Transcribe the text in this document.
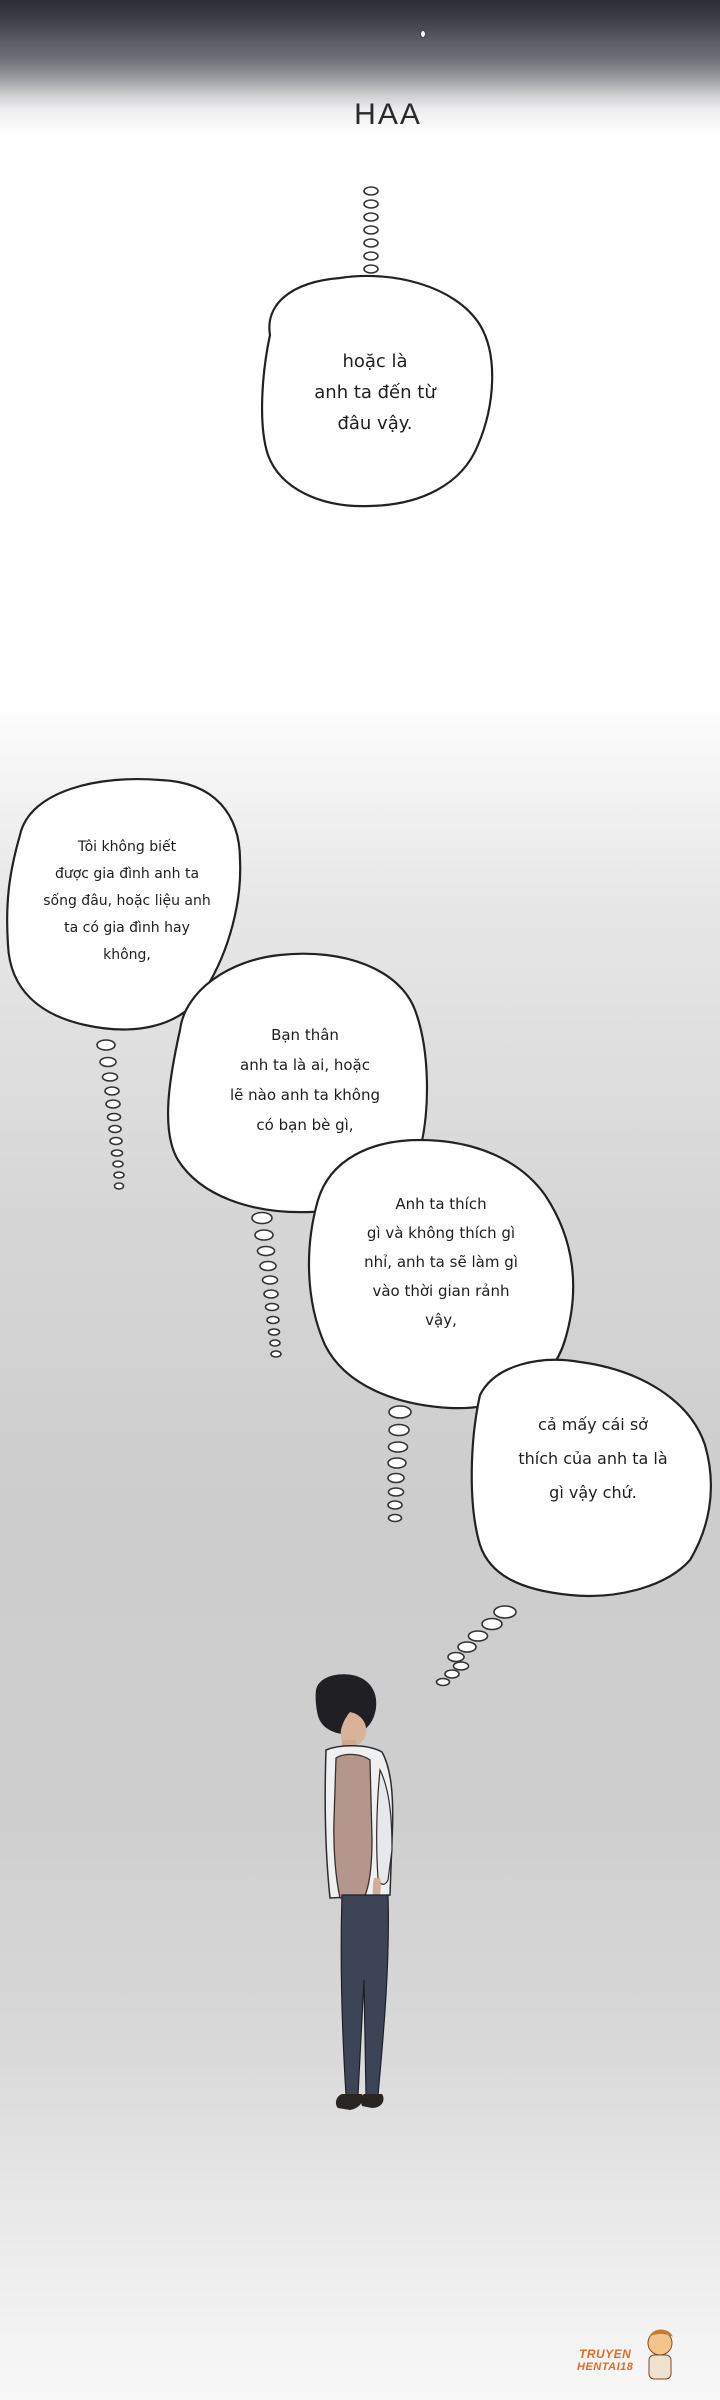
HAA
hoặc là
anh ta đến từ
đâu vậy.
Tôi không biết
được gia đình anh ta
sống đâu, hoặc liệu anh
ta có gia đình hay
không,
Bạn thân
anh ta là ai, hoặc
lẽ nào anh ta không
có bạn bè gì,
Anh ta thích
gì và không thích gì
nhỉ, anh ta sẽ làm gì
vào thời gian rảnh
vậy,
cả mấy cái sở
thích của anh ta là
gì vậy chứ.
TRUYEN
HENTAI18
